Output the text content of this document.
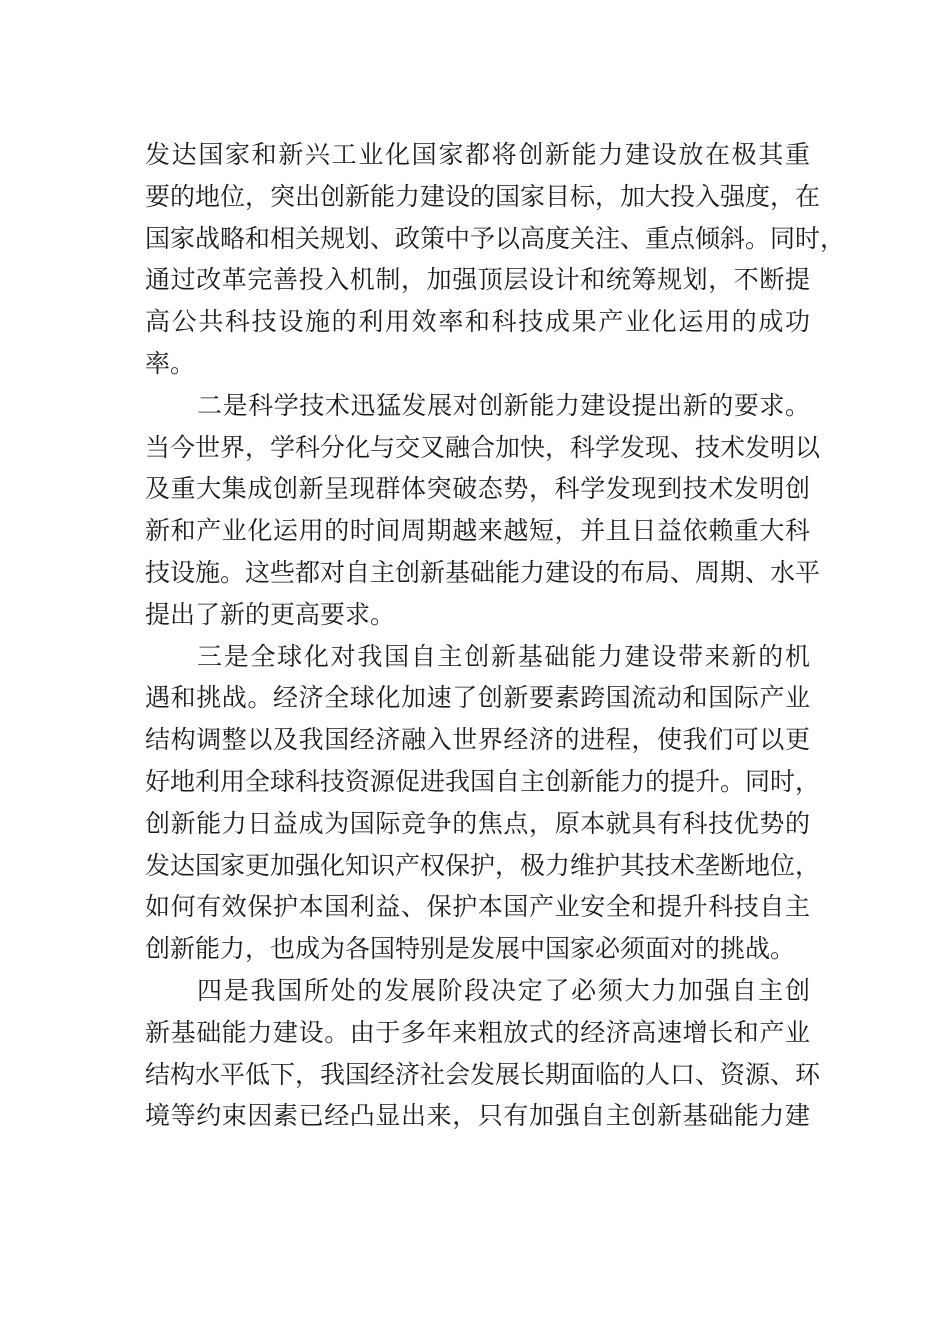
发达国家和新兴工业化国家都将创新能力建设放在极其重
要的地位，突出创新能力建设的国家目标，加大投入强度，在
国家战略和相关规划、政策中予以高度关注、重点倾斜。同时，
通过改革完善投入机制，加强顶层设计和统筹规划，不断提
高公共科技设施的利用效率和科技成果产业化运用的成功
率。
二是科学技术迅猛发展对创新能力建设提出新的要求。
当今世界，学科分化与交叉融合加快，科学发现、技术发明以
及重大集成创新呈现群体突破态势，科学发现到技术发明创
新和产业化运用的时间周期越来越短，并且日益依赖重大科
技设施。这些都对自主创新基础能力建设的布局、周期、水平
提出了新的更高要求。
三是全球化对我国自主创新基础能力建设带来新的机
遇和挑战。经济全球化加速了创新要素跨国流动和国际产业
结构调整以及我国经济融入世界经济的进程，使我们可以更
好地利用全球科技资源促进我国自主创新能力的提升。同时，
创新能力日益成为国际竞争的焦点，原本就具有科技优势的
发达国家更加强化知识产权保护，极力维护其技术垄断地位，
如何有效保护本国利益、保护本国产业安全和提升科技自主
创新能力，也成为各国特别是发展中国家必须面对的挑战。
四是我国所处的发展阶段决定了必须大力加强自主创
新基础能力建设。由于多年来粗放式的经济高速增长和产业
结构水平低下，我国经济社会发展长期面临的人口、资源、环
境等约束因素已经凸显出来，只有加强自主创新基础能力建
